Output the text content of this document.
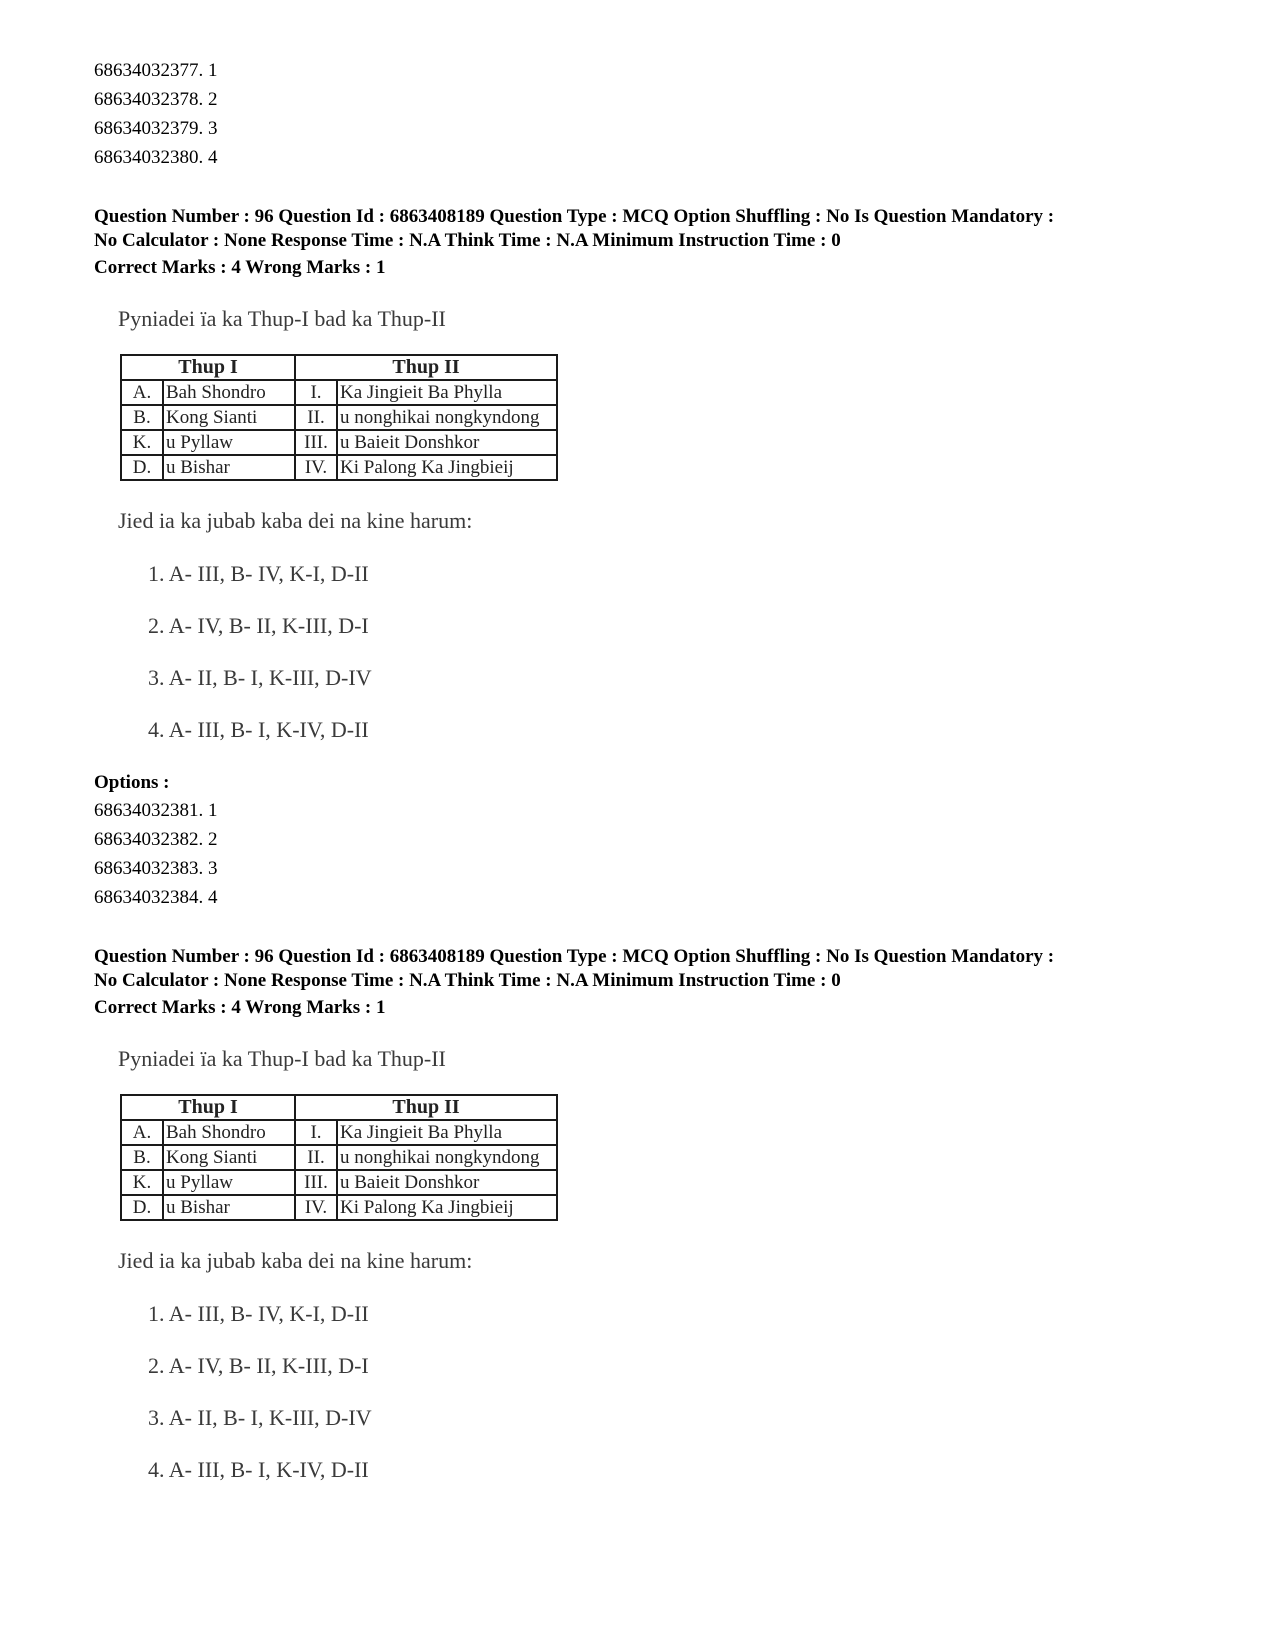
68634032377. 1
68634032378. 2
68634032379. 3
68634032380. 4
Question Number : 96 Question Id : 6863408189 Question Type : MCQ Option Shuffling : No Is Question Mandatory :
No Calculator : None Response Time : N.A Think Time : N.A Minimum Instruction Time : 0
Correct Marks : 4 Wrong Marks : 1
Pyniadei ïa ka Thup-I bad ka Thup-II
Thup I		Thup II	
A.	Bah Shondro	I.	Ka Jingieit Ba Phylla
B.	Kong Sianti	II.	u nonghikai nongkyndong
K.	u Pyllaw	III.	u Baieit Donshkor
D.	u Bishar	IV.	Ki Palong Ka Jingbieij
Jied ia ka jubab kaba dei na kine harum:
1. A- III, B- IV, K-I, D-II
2. A- IV, B- II, K-III, D-I
3. A- II, B- I, K-III, D-IV
4. A- III, B- I, K-IV, D-II
Options :
68634032381. 1
68634032382. 2
68634032383. 3
68634032384. 4
Question Number : 96 Question Id : 6863408189 Question Type : MCQ Option Shuffling : No Is Question Mandatory :
No Calculator : None Response Time : N.A Think Time : N.A Minimum Instruction Time : 0
Correct Marks : 4 Wrong Marks : 1
Pyniadei ïa ka Thup-I bad ka Thup-II
Thup I		Thup II	
A.	Bah Shondro	I.	Ka Jingieit Ba Phylla
B.	Kong Sianti	II.	u nonghikai nongkyndong
K.	u Pyllaw	III.	u Baieit Donshkor
D.	u Bishar	IV.	Ki Palong Ka Jingbieij
Jied ia ka jubab kaba dei na kine harum:
1. A- III, B- IV, K-I, D-II
2. A- IV, B- II, K-III, D-I
3. A- II, B- I, K-III, D-IV
4. A- III, B- I, K-IV, D-II
